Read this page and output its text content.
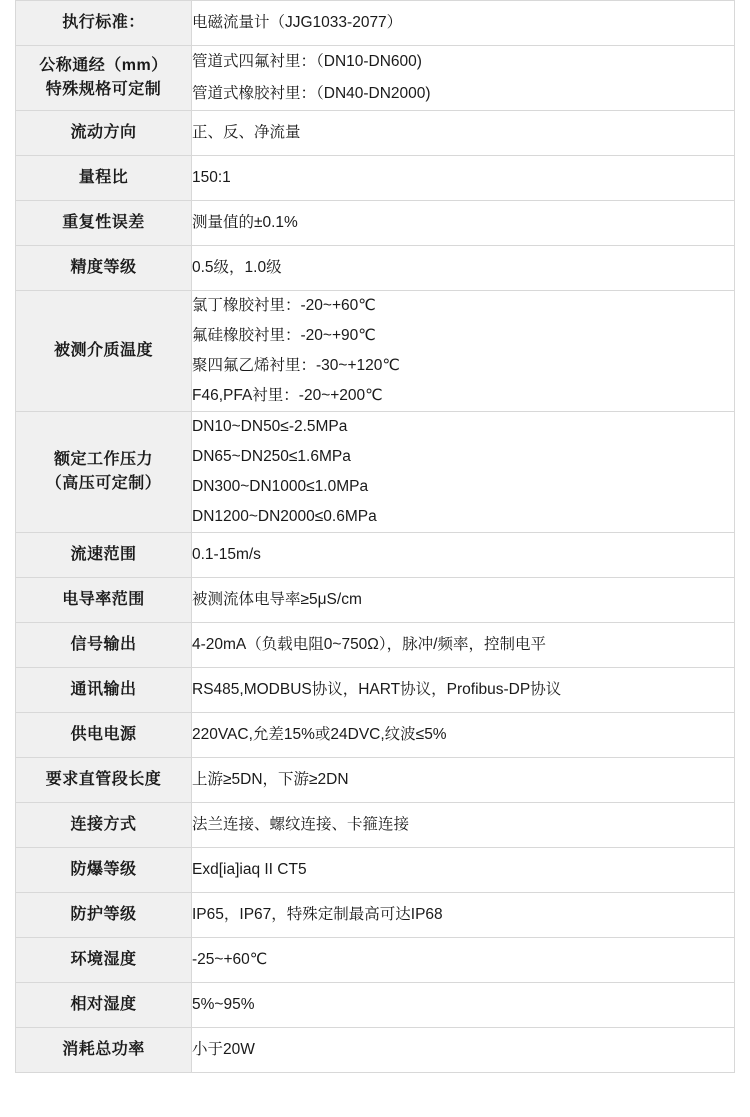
执行标准：	电磁流量计（JJG1033-2077）

公称通经（mm）
特殊规格可定制	管道式四氟衬里：（DN10-DN600)
管道式橡胶衬里：（DN40-DN2000)

流动方向	正、反、净流量

量程比	150:1

重复性误差	测量值的±0.1%

精度等级	0.5级，1.0级

被测介质温度	氯丁橡胶衬里：-20~+60℃
氟硅橡胶衬里：-20~+90℃
聚四氟乙烯衬里：-30~+120℃
F46,PFA衬里：-20~+200℃

额定工作压力
（高压可定制）	DN10~DN50≤-2.5MPa
DN65~DN250≤1.6MPa
DN300~DN1000≤1.0MPa
DN1200~DN2000≤0.6MPa

流速范围	0.1-15m/s

电导率范围	被测流体电导率≥5μS/cm

信号输出	4-20mA（负载电阻0~750Ω），脉冲/频率，控制电平

通讯输出	RS485,MODBUS协议，HART协议，Profibus-DP协议

供电电源	220VAC,允差15%或24DVC,纹波≤5%

要求直管段长度	上游≥5DN，下游≥2DN

连接方式	法兰连接、螺纹连接、卡箍连接

防爆等级	Exd[ia]iaq II CT5

防护等级	IP65，IP67，特殊定制最高可达IP68

环境湿度	-25~+60℃

相对湿度	5%~95%

消耗总功率	小于20W
